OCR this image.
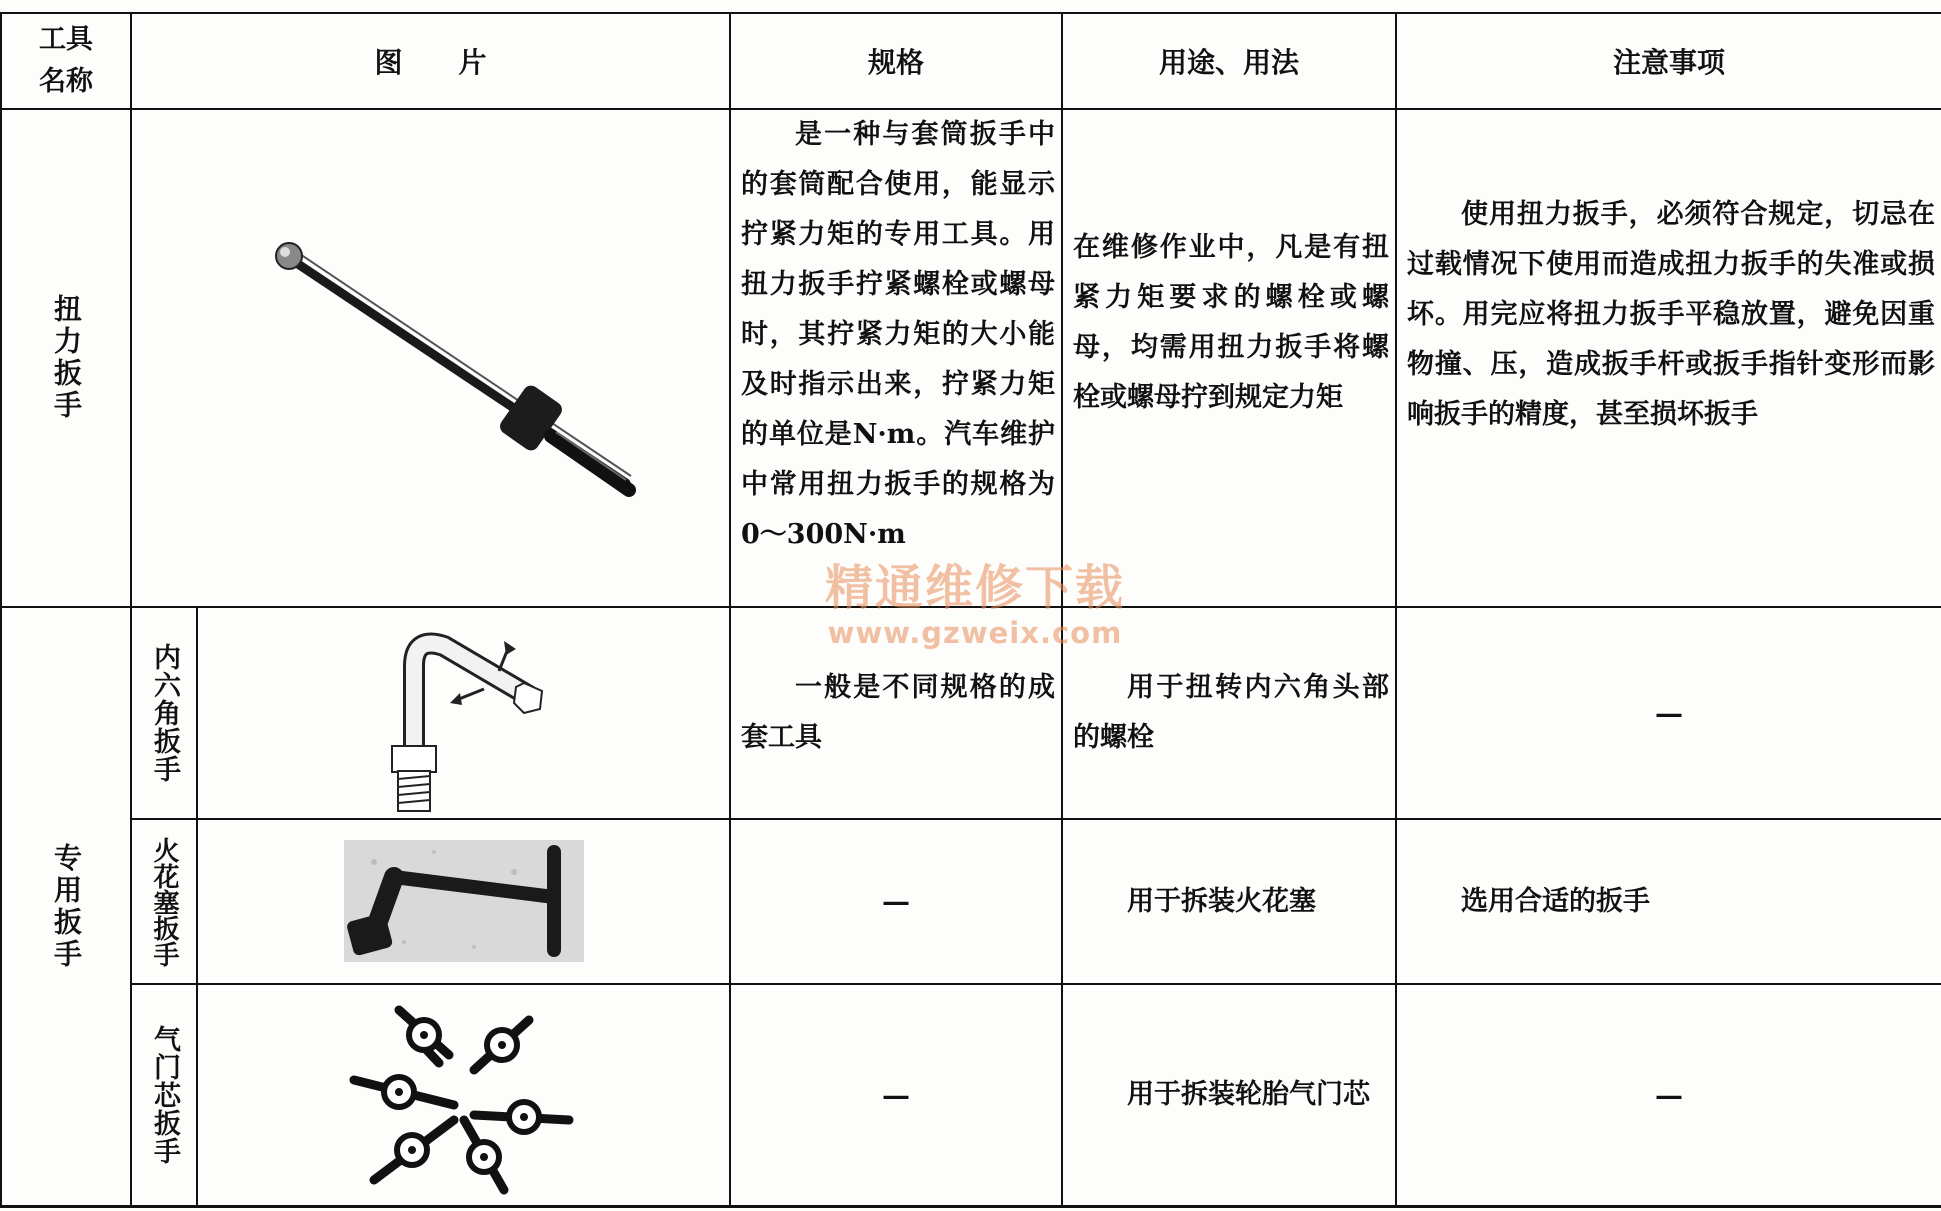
工具
名称	图　　片		规格	用途、用法	注意事项

扭力扳手			是一种与套筒扳手中的套筒配合使用，能显示拧紧力矩的专用工具。用扭力扳手拧紧螺栓或螺母时，其拧紧力矩的大小能及时指示出来，拧紧力矩的单位是N·m。汽车维护中常用扭力扳手的规格为0～300N·m	在维修作业中，凡是有扭紧力矩要求的螺栓或螺母，均需用扭力扳手将螺栓或螺母拧到规定力矩	使用扭力扳手，必须符合规定，切忌在过载情况下使用而造成扭力扳手的失准或损坏。用完应将扭力扳手平稳放置，避免因重物撞、压，造成扳手杆或扳手指针变形而影响扳手的精度，甚至损坏扳手

专用扳手	内六角扳手		一般是不同规格的成套工具	用于扭转内六角头部的螺栓	—

	火花塞扳手		—	用于拆装火花塞	选用合适的扳手

	气门芯扳手		—	用于拆装轮胎气门芯	—
精通维修下载
www.gzweix.com
